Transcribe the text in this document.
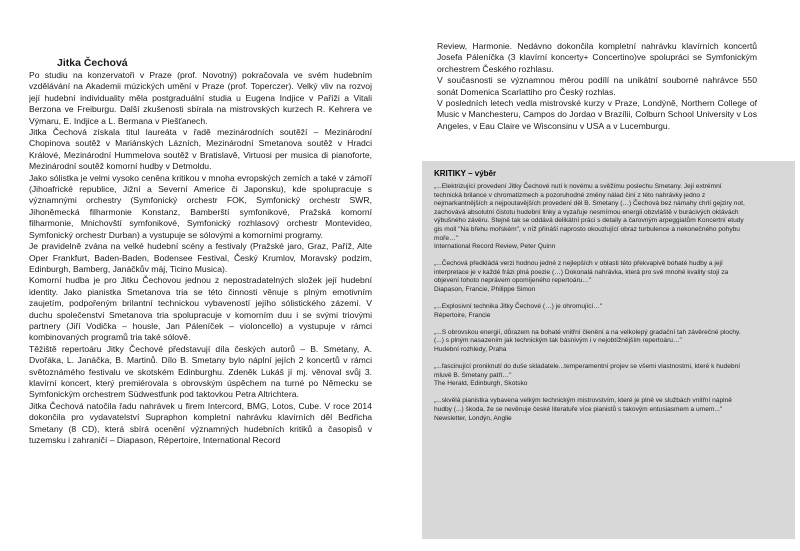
Jitka Čechová

Po studiu na konzervatoři v Praze (prof. Novotný) pokračovala ve svém hudebním vzdělávání na Akademii múzických umění v Praze (prof. Toperczer). Velký vliv na rozvoj její hudební individuality měla postgraduální studia u Eugena Indjice v Paříži a Vitali Berzona ve Freiburgu. Další zkušenosti sbírala na mistrovských kurzech R. Kehrera ve Výmaru, E. Indjice a L. Bermana v Piešťanech.

Jitka Čechová získala titul laureáta v řadě mezinárodních soutěží – Mezinárodní Chopinova soutěž v Mariánských Lázních, Mezinárodní Smetanova soutěž v Hradci Králové, Mezinárodní Hummelova soutěž v Bratislavě, Virtuosi per musica di pianoforte, Mezinárodní soutěž komorní hudby v Detmoldu.

Jako sólistka je velmi vysoko ceněna kritikou v mnoha evropských zemích a také v zámoří (Jihoafrické republice, Jižní a Severní Americe či Japonsku), kde spolupracuje s významnými orchestry (Symfonický orchestr FOK, Symfonický orchestr SWR, Jihoněmecká filharmonie Konstanz, Bamberští symfonikové, Pražská komorní filharmonie, Mnichovští symfonikové, Symfonický rozhlasový orchestr Montevideo, Symfonický orchestr Durban) a vystupuje se sólovými a komorními programy.

Je pravidelně zvána na velké hudební scény a festivaly (Pražské jaro, Graz, Paříž, Alte Oper Frankfurt, Baden-Baden, Bodensee Festival, Český Krumlov, Moravský podzim, Edinburgh, Bamberg, Janáčkův máj, Ticino Musica).

Komorní hudba je pro Jitku Čechovou jednou z nepostradatelných složek její hudební identity. Jako pianistka Smetanova tria se této činnosti věnuje s plným emotivním zaujetím, podpořeným brilantní technickou vybaveností jejího sólistického zázemí. V duchu společenství Smetanova tria spolupracuje v komorním duu i se svými triovými partnery (Jiří Vodička – housle, Jan Páleníček – violoncello) a vystupuje v rámci kombinovaných programů tria také sólově.

Těžiště repertoáru Jitky Čechové představují díla českých autorů – B. Smetany, A. Dvořáka, L. Janáčka, B. Martinů. Dílo B. Smetany bylo náplní jejích 2 koncertů v rámci světoznámého festivalu ve skotském Edinburghu. Zdeněk Lukáš jí mj. věnoval svůj 3. klavírní koncert, který premiérovala s obrovským úspěchem na turné po Německu se Symfonickým orchestrem Südwestfunk pod taktovkou Petra Altrichtera.

Jitka Čechová natočila řadu nahrávek u firem Intercord, BMG, Lotos, Cube. V roce 2014 dokončila pro vydavatelství Supraphon kompletní nahrávku klavírních děl Bedřicha Smetany (8 CD), která sbírá ocenění významných hudebních kritiků a časopisů v tuzemsku i zahraničí – Diapason, Répertoire, International Record

Review, Harmonie. Nedávno dokončila kompletní nahrávku klavírních koncertů Josefa Páleníčka (3 klavírní koncerty+ Concertino)ve spolupráci se Symfonickým orchestrem Českého rozhlasu.

V současnosti se významnou měrou podílí na unikátní souborné nahrávce 550 sonát Domenica Scarlattiho pro Český rozhlas.

V posledních letech vedla mistrovské kurzy v Praze, Londýně, Northern College of Music v Manchesteru, Campos do Jordao v Brazílii, Colburn School University v Los Angeles, v Eau Claire ve Wisconsinu v USA a v Lucemburgu.

KRITIKY – výběr
„...Elektrizující provedení Jitky Čechové nutí k novému a svěžímu poslechu Smetany. Její extrémní technická brilance v chromatizmech a pozoruhodné změny nálad činí z této nahrávky jedno z nejmarkantnějších a nejpoutavějších provedení děl B. Smetany (…) Čechová bez námahy chrlí gejziry not, zachovává absolutní čistotu hudební linky a vyzařuje nesmírnou energii obzvláště v burácivých oktávách výbušného závěru. Stejně tak se oddává delikátní práci s detaily a čarovným arpeggiatům Koncertní etudy gis moll "Na břehu mořském", v níž přináší naprosto okouzlující obraz turbulence a nekonečného pohybu moře…"
International Record Review, Peter Quinn
„...Čechová předkládá verzi hodnou jedné z nejlepších v oblasti této překvapivě bohaté hudby a její interpretace je v každé frázi plná poezie (…) Dokonalá nahrávka, která pro své mnohé kvality stojí za objevení tohoto neprávem opomíjeného repertoáru…"
Diapason, Francie, Philippe Simon
„...Explosivní technika Jitky Čechové (…) je ohromující…"
Répertoire, Francie
„...S obrovskou energií, důrazem na bohaté vnitřní členění a na velkolepý gradační tah závěrečné plochy. (...) s plným nasazením jak technickým tak básnivým i v nejobtížnějším repertoáru…"
Hudební rozhledy, Praha
„...fascinující proniknutí do duše skladatele...temperamentní projev se všemi vlastnostmi, které k hudební mluvě B. Smetany patří…"
The Herald, Edinburgh, Skotsko
„...skvělá pianistka vybavena velkým technickým mistrovstvím, které je plně ve službách vnitřní náplně hudby (...) škoda, že se nevěnuje české literatuře více pianistů s takovým entusiasmem a umem..."
Newsletter, Londýn, Anglie
